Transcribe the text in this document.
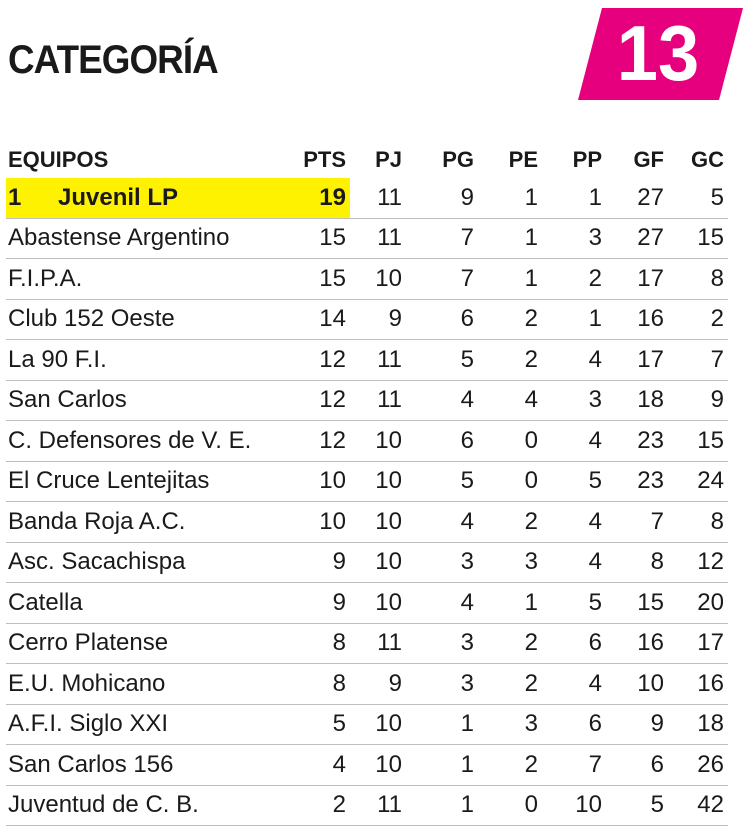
CATEGORÍA	13
EQUIPOS	PTS	PJ	PG	PE	PP	GF	GC
1 Juvenil LP	19	11	9	1	1	27	5
Abastense Argentino	15	11	7	1	3	27	15
F.I.P.A.	15	10	7	1	2	17	8
Club 152 Oeste	14	9	6	2	1	16	2
La 90 F.I.	12	11	5	2	4	17	7
San Carlos	12	11	4	4	3	18	9
C. Defensores de V. E.	12	10	6	0	4	23	15
El Cruce Lentejitas	10	10	5	0	5	23	24
Banda Roja A.C.	10	10	4	2	4	7	8
Asc. Sacachispa	9	10	3	3	4	8	12
Catella	9	10	4	1	5	15	20
Cerro Platense	8	11	3	2	6	16	17
E.U. Mohicano	8	9	3	2	4	10	16
A.F.I. Siglo XXI	5	10	1	3	6	9	18
San Carlos 156	4	10	1	2	7	6	26
Juventud de C. B.	2	11	1	0	10	5	42
